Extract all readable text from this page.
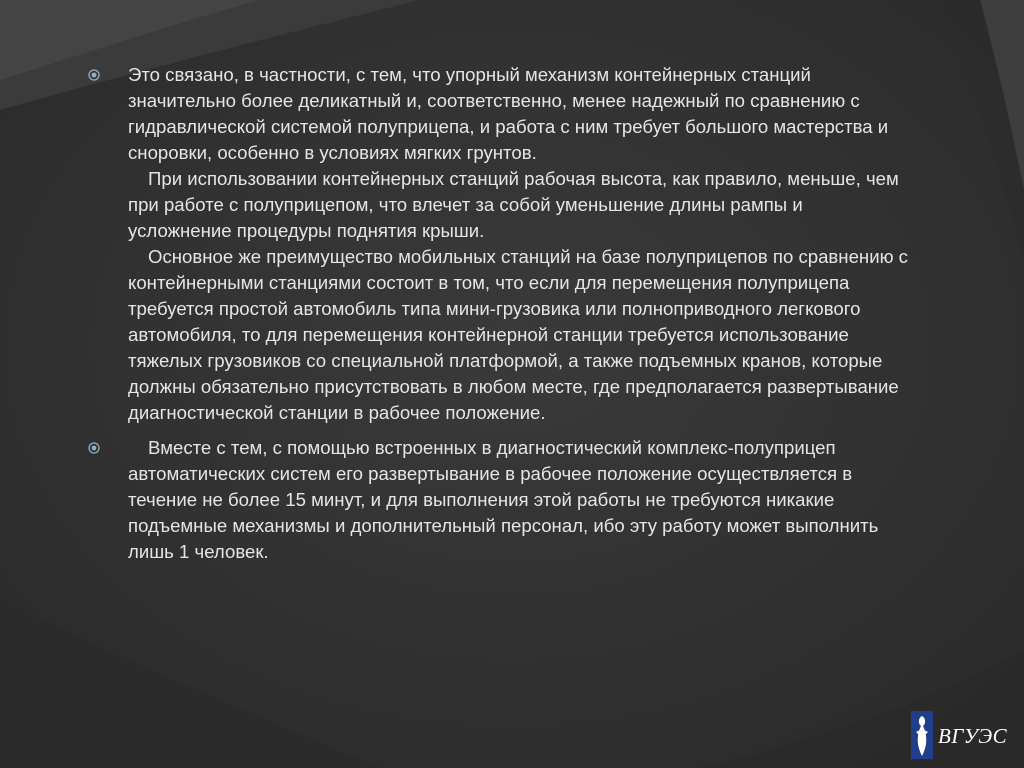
Это связано, в частности, с тем, что упорный механизм контейнерных станций значительно более деликатный и, соответственно, менее надежный по сравнению с гидравлической системой полуприцепа, и работа с ним требует большого мастерства и сноровки, особенно в условиях мягких грунтов.
При использовании контейнерных станций рабочая высота, как правило, меньше, чем при работе с полуприцепом, что влечет за собой уменьшение длины рампы и усложнение процедуры поднятия крыши.
Основное же преимущество мобильных станций на базе полуприцепов по сравнению с контейнерными станциями состоит в том, что если для перемещения полуприцепа требуется простой автомобиль типа мини-грузовика или полноприводного легкового автомобиля, то для перемещения контейнерной станции требуется использование тяжелых грузовиков со специальной платформой, а также подъемных кранов, которые должны обязательно присутствовать в любом месте, где предполагается развертывание диагностической станции в рабочее положение.
Вместе с тем, с помощью встроенных в диагностический комплекс-полуприцеп автоматических систем его развертывание в рабочее положение осуществляется в течение не более 15 минут, и для выполнения этой работы не требуются никакие подъемные механизмы и дополнительный персонал, ибо эту работу может выполнить лишь 1 человек.
ВГУЭС
